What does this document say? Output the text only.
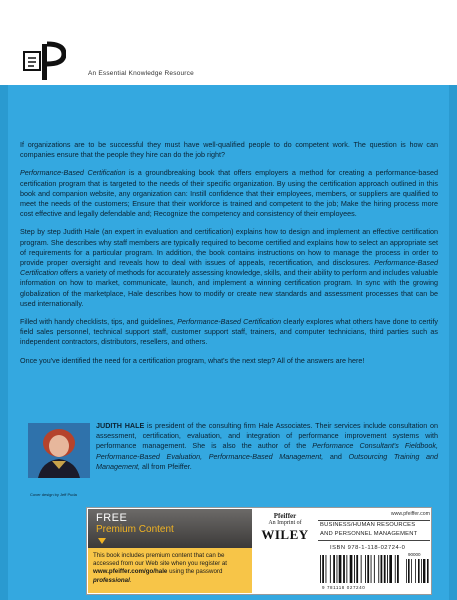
An Essential Knowledge Resource

If organizations are to be successful they must have well-qualified people to do competent work. The question is how can companies ensure that the people they hire can do the job right?

Performance-Based Certification is a groundbreaking book that offers employers a method for creating a performance-based certification program that is targeted to the needs of their specific organization. By using the certification approach outlined in this book and companion website, any organization can: Instill confidence that their employees, members, or suppliers are qualified to meet the needs of the customers; Ensure that their workforce is trained and competent to the job; Make the hiring process more cost effective and legally defendable and; Recognize the competency and consistency of their employees.

Step by step Judith Hale (an expert in evaluation and certification) explains how to design and implement an effective certification program. She describes why staff members are typically required to become certified and explains how to select an appropriate set of requirements for a particular program. In addition, the book contains instructions on how to manage the process in order to provide proper oversight and reveals how to deal with issues of appeals, recertification, and disclosures. Performance-Based Certification offers a variety of methods for accurately assessing knowledge, skills, and their ability to perform and includes valuable information on how to market, communicate, launch, and implement a winning certification program. In sync with the growing globalization of the marketplace, Hale describes how to modify or create new standards and assessment processes that can be used internationally.

Filled with handy checklists, tips, and guidelines, Performance-Based Certification clearly explores what others have done to certify field sales personnel, technical support staff, customer support staff, trainers, and computer technicians, third parties such as independent contractors, distributors, resellers, and others.

Once you've identified the need for a certification program, what's the next step? All of the answers are here!

JUDITH HALE is president of the consulting firm Hale Associates. Their services include consultation on assessment, certification, evaluation, and integration of performance improvement systems with performance management. She is also the author of the Performance Consultant's Fieldbook, Performance-Based Evaluation, Performance-Based Management, and Outsourcing Training and Management, all from Pfeiffer.
Cover design by Jeff Puda
FREE
Premium Content
This book includes premium content that can be accessed from our Web site when you register at www.pfeiffer.com/go/hale using the password professional.
Pfeiffer
An Imprint of
WILEY
www.pfeiffer.com
BUSINESS/HUMAN RESOURCES
AND PERSONNEL MANAGEMENT
ISBN 978-1-118-02724-0
90000
9 781118 027240
